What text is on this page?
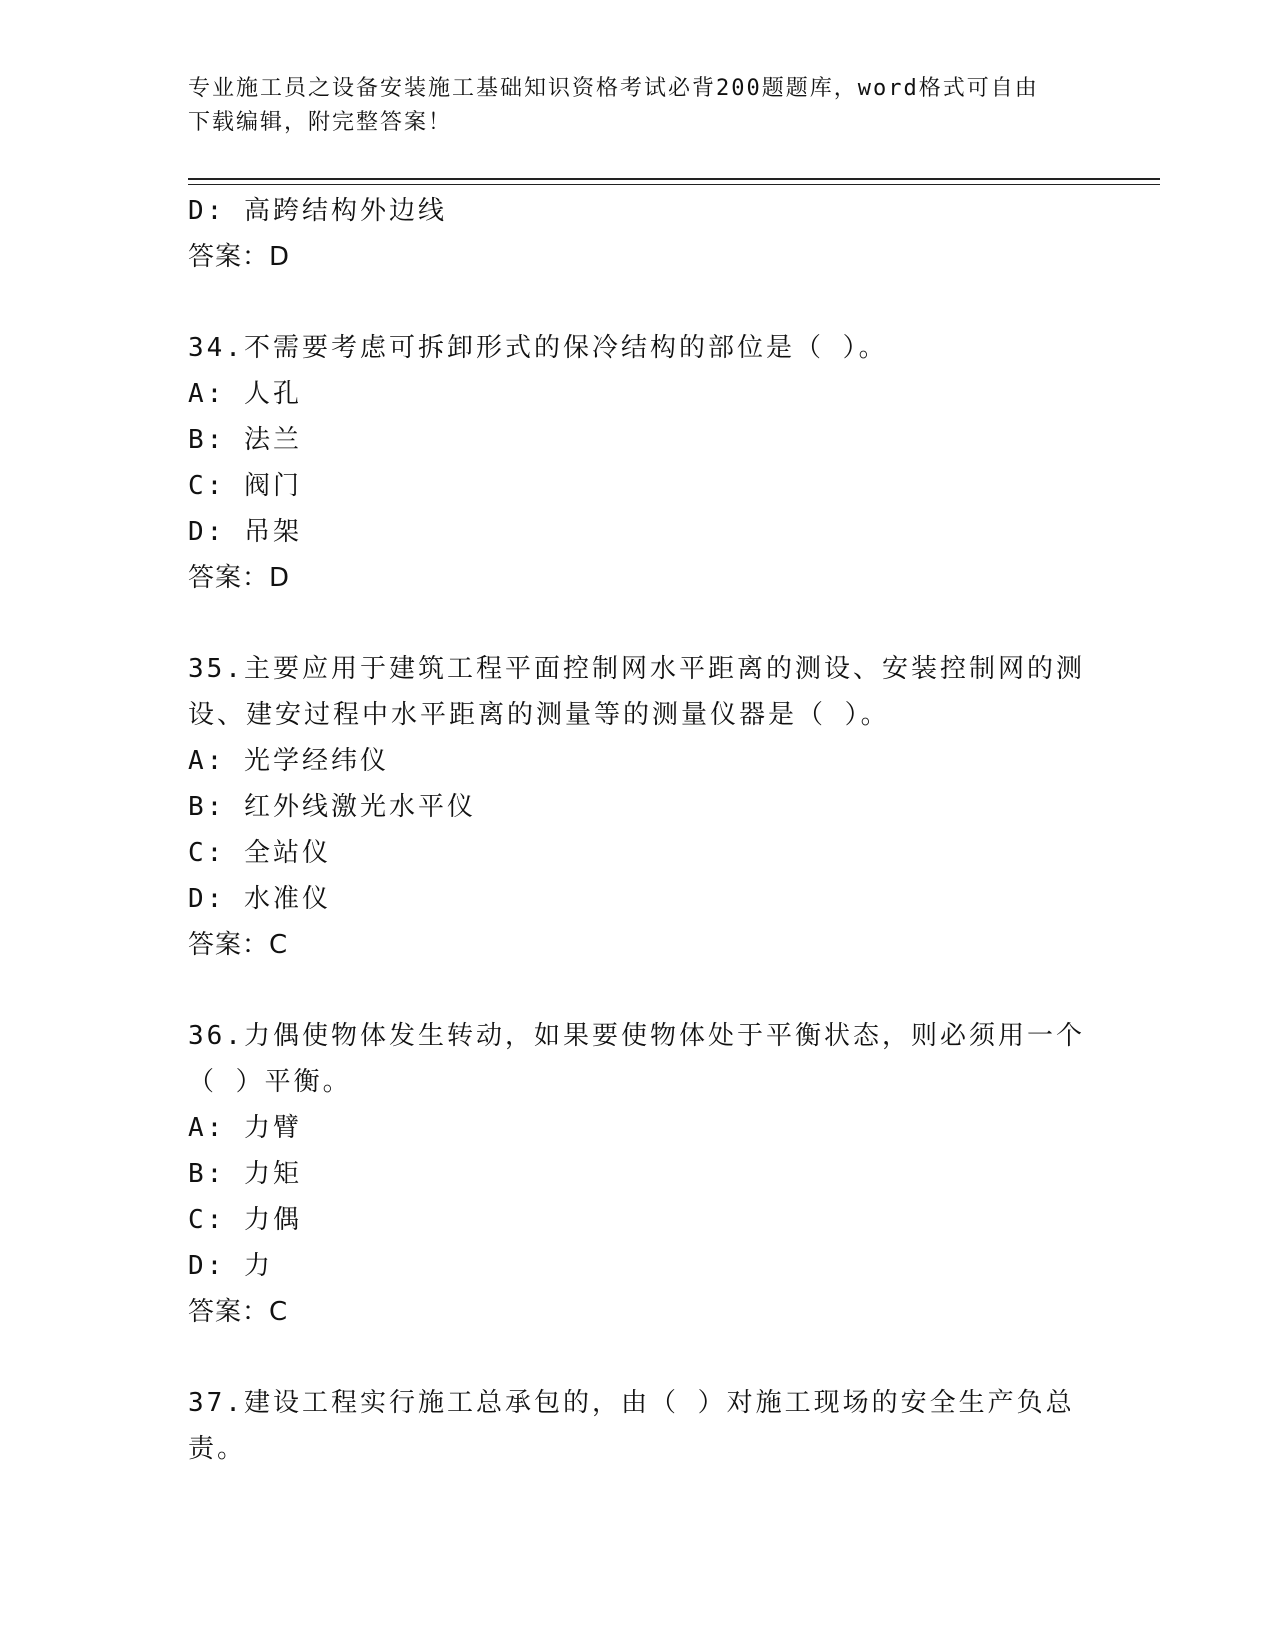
专业施工员之设备安装施工基础知识资格考试必背200题题库，word格式可自由
下载编辑，附完整答案！
D: 高跨结构外边线
答案：D
34.不需要考虑可拆卸形式的保冷结构的部位是（ ）。
A: 人孔
B: 法兰
C: 阀门
D: 吊架
答案：D
35.主要应用于建筑工程平面控制网水平距离的测设、安装控制网的测
设、建安过程中水平距离的测量等的测量仪器是（ ）。
A: 光学经纬仪
B: 红外线激光水平仪
C: 全站仪
D: 水准仪
答案：C
36.力偶使物体发生转动，如果要使物体处于平衡状态，则必须用一个
（ ）平衡。
A: 力臂
B: 力矩
C: 力偶
D: 力
答案：C
37.建设工程实行施工总承包的，由（ ）对施工现场的安全生产负总
责。
